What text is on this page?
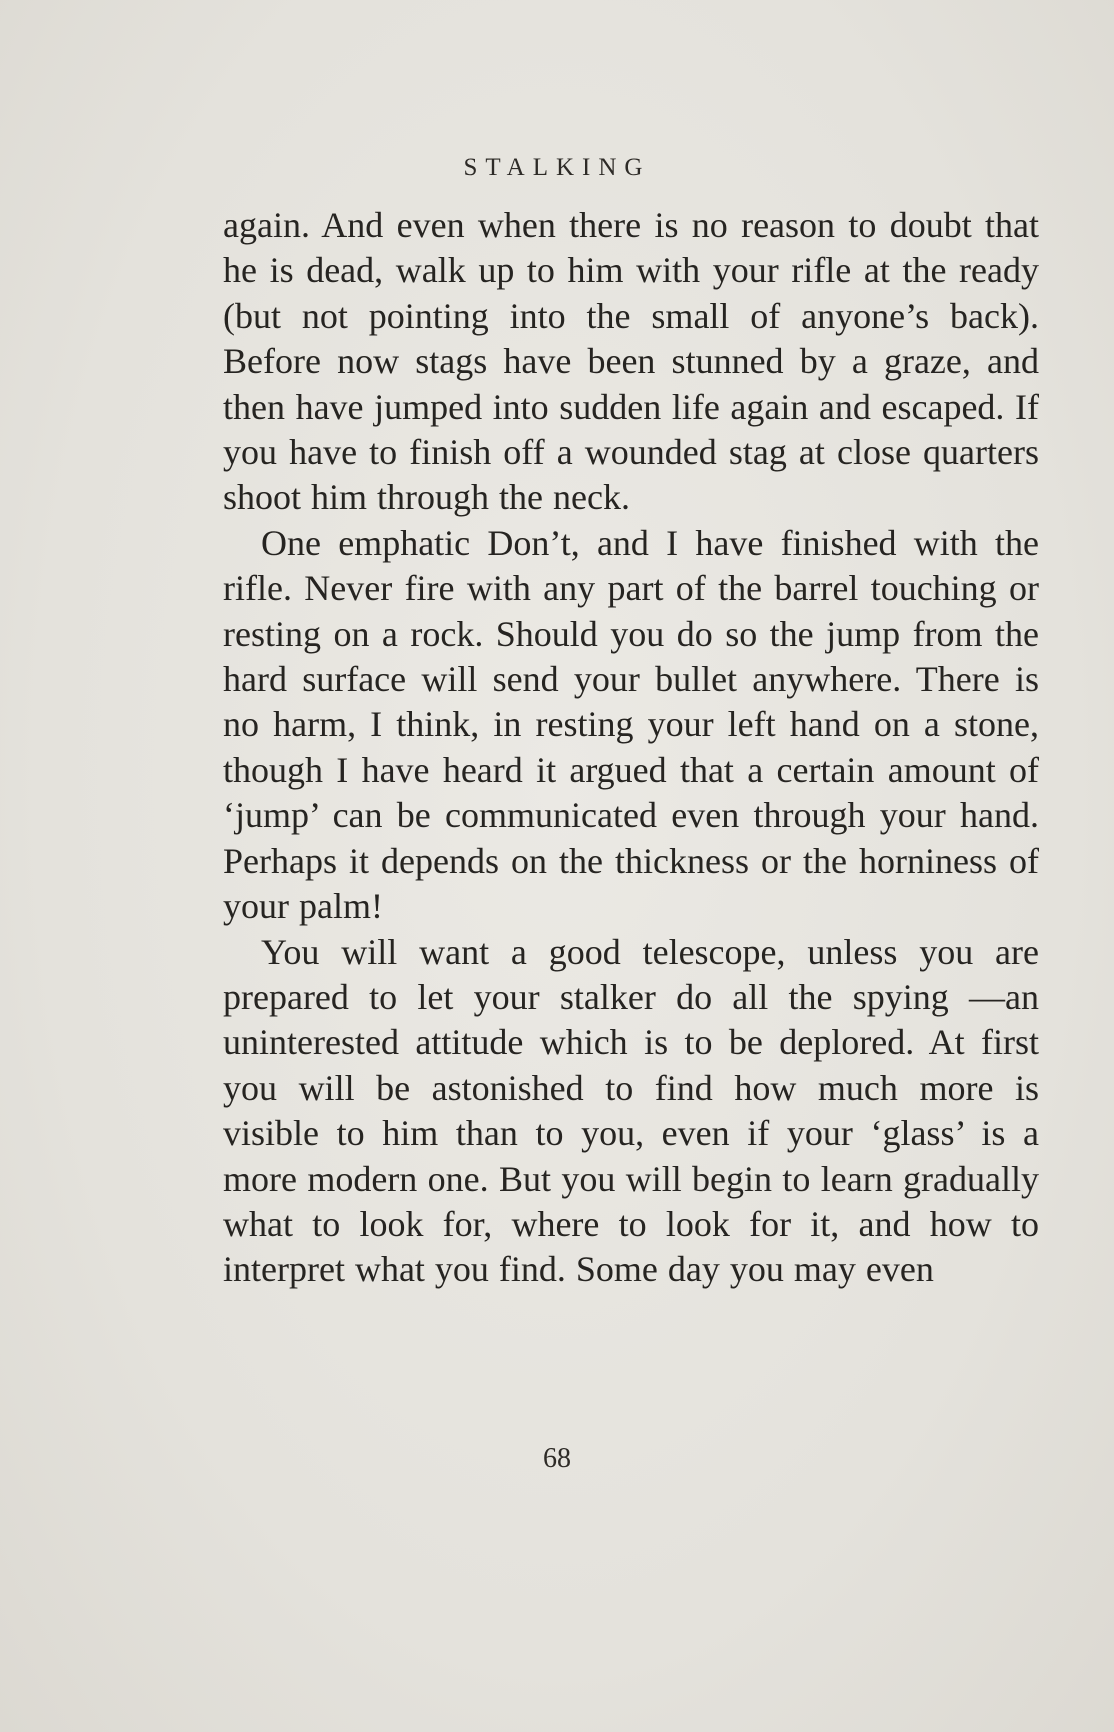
STALKING

again. And even when there is no reason to doubt that he is dead, walk up to him with your rifle at the ready (but not pointing into the small of anyone’s back). Before now stags have been stunned by a graze, and then have jumped into sudden life again and escaped. If you have to finish off a wounded stag at close quarters shoot him through the neck.

One emphatic Don’t, and I have finished with the rifle. Never fire with any part of the barrel touching or resting on a rock. Should you do so the jump from the hard surface will send your bullet anywhere. There is no harm, I think, in resting your left hand on a stone, though I have heard it argued that a certain amount of ‘jump’ can be communicated even through your hand. Perhaps it depends on the thickness or the horniness of your palm!

You will want a good telescope, unless you are prepared to let your stalker do all the spying —an uninterested attitude which is to be deplored. At first you will be astonished to find how much more is visible to him than to you, even if your ‘glass’ is a more modern one. But you will begin to learn gradually what to look for, where to look for it, and how to interpret what you find. Some day you may even

68
